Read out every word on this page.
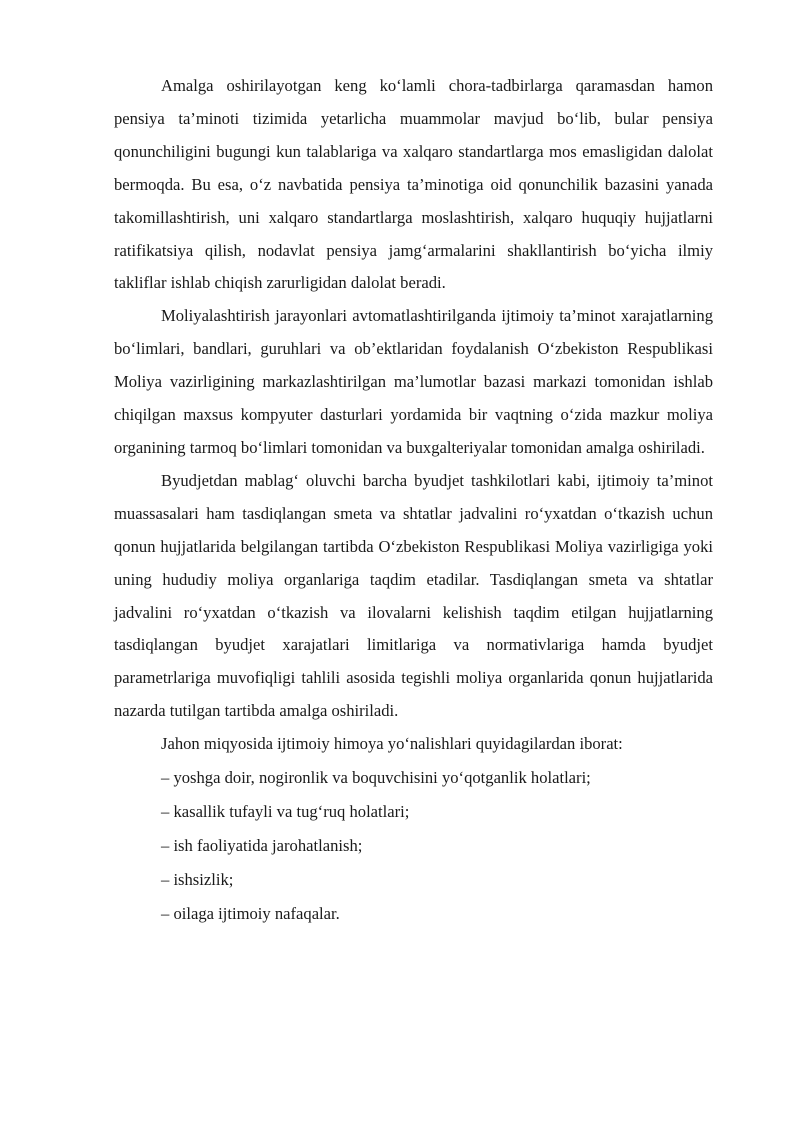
Amalga oshirilayotgan keng ko‘lamli chora-tadbirlarga qaramasdan hamon pensiya ta’minoti tizimida yetarlicha muammolar mavjud bo‘lib, bular pensiya qonunchiligini bugungi kun talablariga va xalqaro standartlarga mos emasligidan dalolat bermoqda. Bu esa, o‘z navbatida pensiya ta’minotiga oid qonunchilik bazasini yanada takomillashtirish, uni xalqaro standartlarga moslashtirish, xalqaro huquqiy hujjatlarni ratifikatsiya qilish, nodavlat pensiya jamg‘armalarini shakllantirish bo‘yicha ilmiy takliflar ishlab chiqish zarurligidan dalolat beradi.

Moliyalashtirish jarayonlari avtomatlashtirilganda ijtimoiy ta’minot xarajatlarning bo‘limlari, bandlari, guruhlari va ob’ektlaridan foydalanish O‘zbekiston Respublikasi Moliya vazirligining markazlashtirilgan ma’lumotlar bazasi markazi tomonidan ishlab chiqilgan maxsus kompyuter dasturlari yordamida bir vaqtning o‘zida mazkur moliya organining tarmoq bo‘limlari tomonidan va buxgalteriyalar tomonidan amalga oshiriladi.

Byudjetdan mablag‘ oluvchi barcha byudjet tashkilotlari kabi, ijtimoiy ta’minot muassasalari ham tasdiqlangan smeta va shtatlar jadvalini ro‘yxatdan o‘tkazish uchun qonun hujjatlarida belgilangan tartibda O‘zbekiston Respublikasi Moliya vazirligiga yoki uning hududiy moliya organlariga taqdim etadilar. Tasdiqlangan smeta va shtatlar jadvalini ro‘yxatdan o‘tkazish va ilovalarni kelishish taqdim etilgan hujjatlarning tasdiqlangan byudjet xarajatlari limitlariga va normativlariga hamda byudjet parametrlariga muvofiqligi tahlili asosida tegishli moliya organlarida qonun hujjatlarida nazarda tutilgan tartibda amalga oshiriladi.

Jahon miqyosida ijtimoiy himoya yo‘nalishlari quyidagilardan iborat:

– yoshga doir, nogironlik va boquvchisini yo‘qotganlik holatlari;
– kasallik tufayli va tug‘ruq holatlari;
– ish faoliyatida jarohatlanish;
– ishsizlik;
– oilaga ijtimoiy nafaqalar.
